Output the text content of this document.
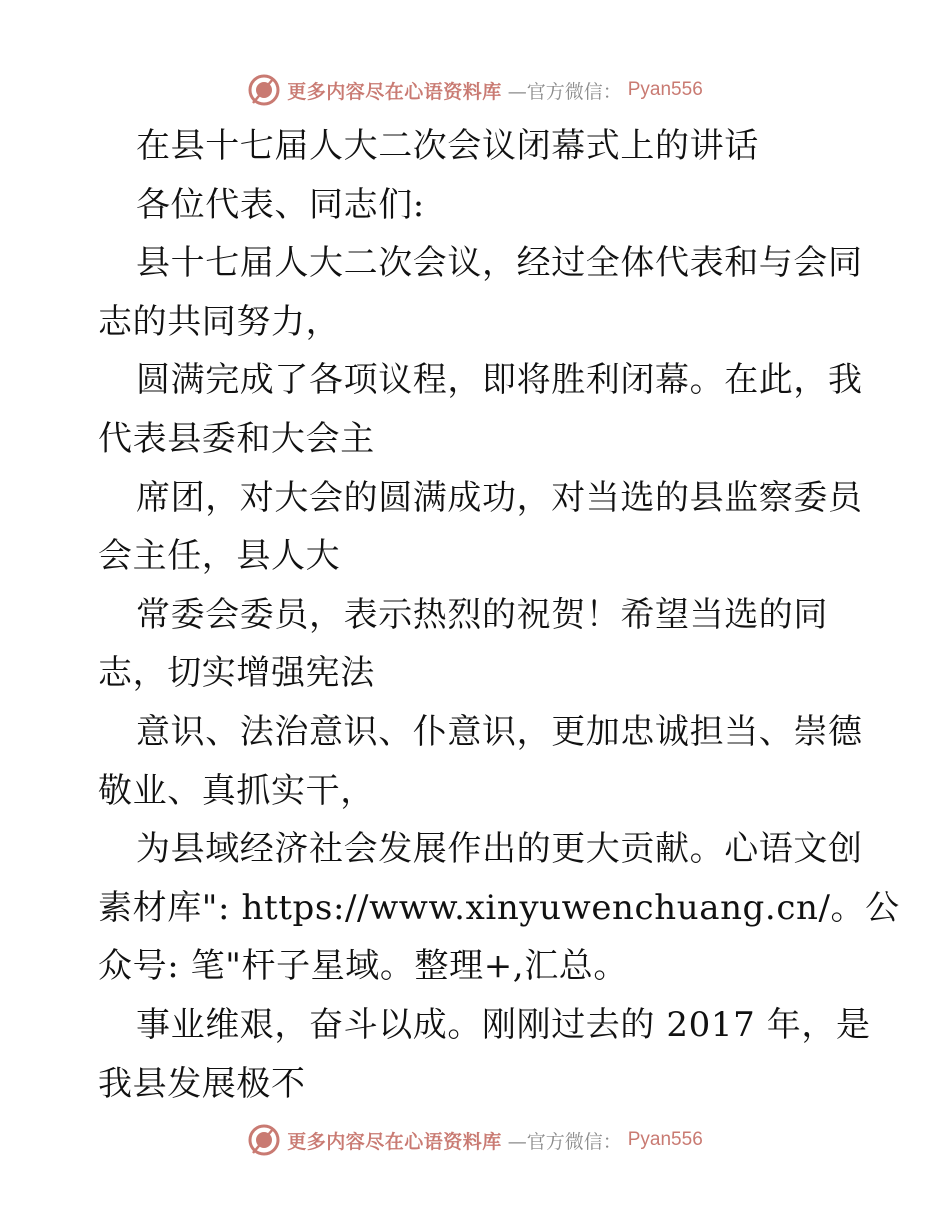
更多内容尽在心语资料库 —官方微信： Pyan556

在县十七届人大二次会议闭幕式上的讲话

各位代表、同志们:

县十七届人大二次会议，经过全体代表和与会同
志的共同努力，

圆满完成了各项议程，即将胜利闭幕。在此，我
代表县委和大会主

席团，对大会的圆满成功，对当选的县监察委员
会主任，县人大

常委会委员，表示热烈的祝贺！希望当选的同
志，切实增强宪法

意识、法治意识、仆意识，更加忠诚担当、崇德
敬业、真抓实干，

为县域经济社会发展作出的更大贡献。心语文创
素材库": https://www.xinyuwenchuang.cn/。公
众号: 笔"杆子星域。整理+,汇总。

事业维艰，奋斗以成。刚刚过去的 2017 年，是
我县发展极不

更多内容尽在心语资料库 —官方微信： Pyan556
